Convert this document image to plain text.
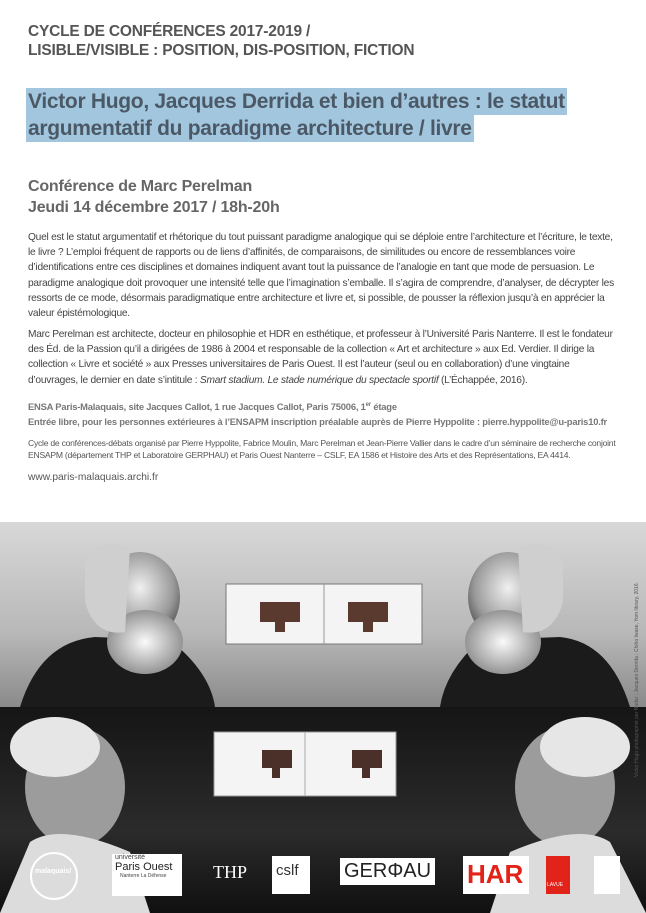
CYCLE DE CONFÉRENCES 2017-2019 /
LISIBLE/VISIBLE : POSITION, DIS-POSITION, FICTION
Victor Hugo, Jacques Derrida et bien d’autres : le statut argumentatif du paradigme architecture / livre
Conférence de Marc Perelman
Jeudi 14 décembre 2017 / 18h-20h
Quel est le statut argumentatif et rhétorique du tout puissant paradigme analogique qui se déploie entre l’architecture et l’écriture, le texte, le livre ? L’emploi fréquent de rapports ou de liens d’affinités, de comparaisons, de similitudes ou encore de ressemblances voire d’identifications entre ces disciplines et domaines indiquent avant tout la puissance de l’analogie en tant que mode de persuasion. Le paradigme analogique doit provoquer une intensité telle que l’imagination s’emballe. Il s’agira de comprendre, d’analyser, de décrypter les ressorts de ce mode, désormais paradigmatique entre architecture et livre et, si possible, de pousser la réflexion jusqu’à en apprécier la valeur épistémologique.
Marc Perelman est architecte, docteur en philosophie et HDR en esthétique, et professeur à l’Université Paris Nanterre. Il est le fondateur des Éd. de la Passion qu’il a dirigées de 1986 à 2004 et responsable de la collection « Art et architecture » aux Ed. Verdier. Il dirige la collection « Livre et société » aux Presses universitaires de Paris Ouest. Il est l’auteur (seul ou en collaboration) d’une vingtaine d’ouvrages, le dernier en date s’intitule : Smart stadium. Le stade numérique du spectacle sportif (L’Échappée, 2016).
ENSA Paris-Malaquais, site Jacques Callot, 1 rue Jacques Callot, Paris 75006, 1er étage
Entrée libre, pour les personnes extérieures à l’ENSAPM inscription préalable auprès de Pierre Hyppolite : pierre.hyppolite@u-paris10.fr
Cycle de conférences-débats organisé par Pierre Hyppolite, Fabrice Moulin, Marc Perelman et Jean-Pierre Vallier dans le cadre d’un séminaire de recherche conjoint ENSAPM (département THP et Laboratoire GERPHAU) et Paris Ouest Nanterre – CSLF, EA 1586 et Histoire des Arts et des Représentations, EA 4414.
www.paris-malaquais.archi.fr
Victor Hugo photographié par Nadar ; Jacques Derrida ; Chiho Iwase, Yom library, 2016.
malaquais/
université
Paris Ouest
Nanterre La Défense	THP cslf GERΦAU HAR	LAVUE
